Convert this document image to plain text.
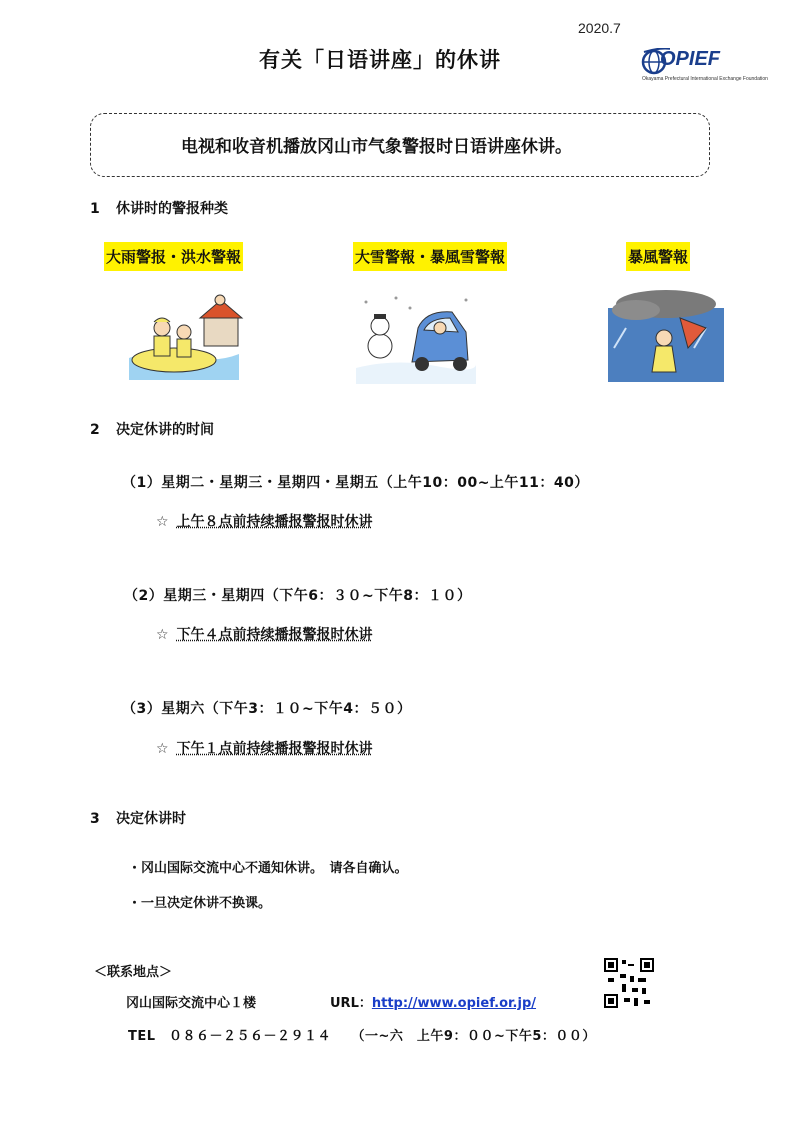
2020.7
有关「日语讲座」的休讲	OPIEF
Okayama Prefectural International Exchange Foundation
电视和收音机播放冈山市气象警报时日语讲座休讲。
1 休讲时的警报种类
大雨警报・洪水警報	大雪警報・暴風雪警報	暴風警報
2 决定休讲的时间
（1）星期二・星期三・星期四・星期五（上午10：00~上午11：40）
☆ 上午８点前持续播报警报时休讲
（2）星期三・星期四（下午6：３０~下午8：１０）
☆ 下午４点前持续播报警报时休讲
（3）星期六（下午3：１０~下午4：５０）
☆ 下午１点前持续播报警报时休讲
3 决定休讲时
・冈山国际交流中心不通知休讲。　请各自确认。
・一旦决定休讲不换课。
＜联系地点＞
冈山国际交流中心１楼	URL：http://www.opief.or.jp/
TEL　０８６－２５６－２９１４　　（一~六　上午9：００~下午5：００）
